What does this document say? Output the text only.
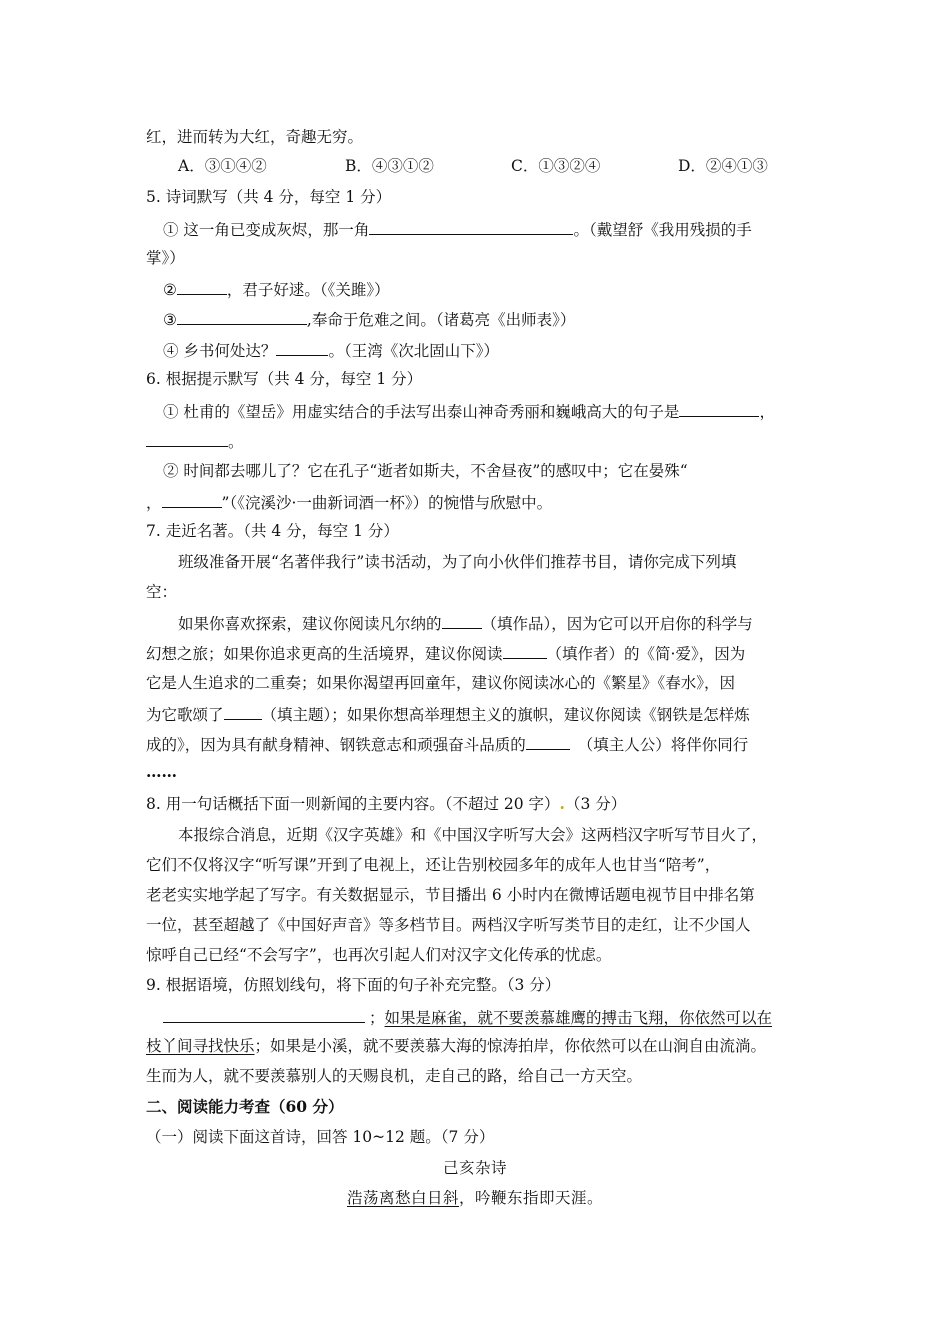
红，进而转为大红，奇趣无穷。
A．③①④②	B．④③①②	C．①③②④	D．②④①③
5. 诗词默写（共 4 分，每空 1 分）
① 这一角已变成灰烬，那一角	。（戴望舒《我用残损的手
掌》）
②	，君子好逑。（《关雎》）
③	,奉命于危难之间。（诸葛亮《出师表》）
④ 乡书何处达？	。（王湾《次北固山下》）
6. 根据提示默写（共 4 分，每空 1 分）
① 杜甫的《望岳》用虚实结合的手法写出泰山神奇秀丽和巍峨高大的句子是	，
。
② 时间都去哪儿了？它在孔子“逝者如斯夫，不舍昼夜”的感叹中；它在晏殊“
，	”（《浣溪沙·一曲新词酒一杯》）的惋惜与欣慰中。
7. 走近名著。（共 4 分，每空 1 分）
班级准备开展“名著伴我行”读书活动，为了向小伙伴们推荐书目，请你完成下列填
空：
如果你喜欢探索，建议你阅读凡尔纳的	（填作品），因为它可以开启你的科学与
幻想之旅；如果你追求更高的生活境界，建议你阅读	（填作者）的《简·爱》，因为
它是人生追求的二重奏；如果你渴望再回童年，建议你阅读冰心的《繁星》《春水》，因
为它歌颂了 （填主题）；如果你想高举理想主义的旗帜，建议你阅读《钢铁是怎样炼
成的》，因为具有献身精神、钢铁意志和顽强奋斗品质的	（填主人公）将伴你同行
……
8. 用一句话概括下面一则新闻的主要内容。（不超过 20 字）.（3 分）
本报综合消息，近期《汉字英雄》和《中国汉字听写大会》这两档汉字听写节目火了，
它们不仅将汉字“听写课”开到了电视上，还让告别校园多年的成年人也甘当“陪考”，
老老实实地学起了写字。有关数据显示，节目播出 6 小时内在微博话题电视节目中排名第
一位，甚至超越了《中国好声音》等多档节目。两档汉字听写类节目的走红，让不少国人
惊呼自己已经“不会写字”，也再次引起人们对汉字文化传承的忧虑。
9. 根据语境，仿照划线句，将下面的句子补充完整。（3 分）
；如果是麻雀，就不要羡慕雄鹰的搏击飞翔，你依然可以在
枝丫间寻找快乐；如果是小溪，就不要羡慕大海的惊涛拍岸，你依然可以在山涧自由流淌。
生而为人，就不要羡慕别人的天赐良机，走自己的路，给自己一方天空。
二、阅读能力考查（60 分）
（一）阅读下面这首诗，回答 10~12 题。（7 分）
己亥杂诗
浩荡离愁白日斜，吟鞭东指即天涯。
